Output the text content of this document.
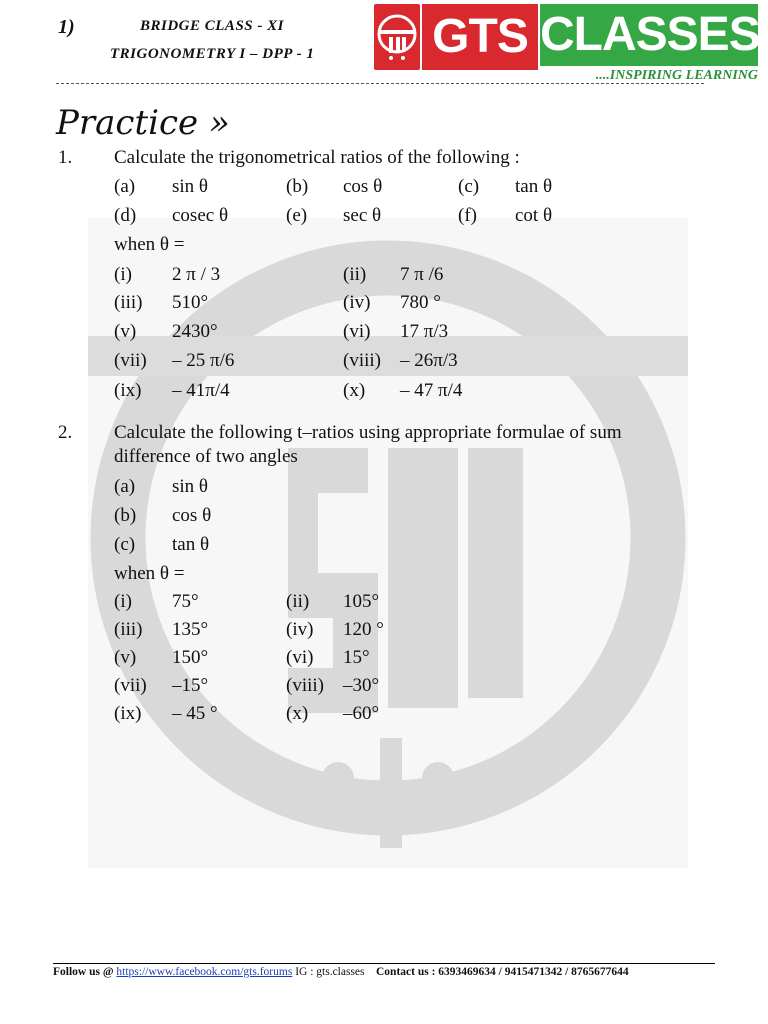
1)	BRIDGE CLASS - XI
TRIGONOMETRY I – DPP - 1 GTS CLASSES
....INSPIRING LEARNING
Practice »
1. Calculate the trigonometrical ratios of the following :
(a) sin θ	(b) cos θ	(c) tan θ
(d) cosec θ	(e) sec θ	(f) cot θ
when θ =
(i) 2 π / 3	(ii) 7 π /6
(iii) 510°	(iv) 780 °
(v) 2430°	(vi) 17 π/3
(vii) – 25 π/6	(viii) – 26π/3
(ix) – 41π/4	(x) – 47 π/4
2. Calculate the following t–ratios using appropriate formulae of sum
difference of two angles
(a) sin θ
(b) cos θ
(c) tan θ
when θ =
(i) 75°	(ii) 105°
(iii) 135°	(iv) 120 °
(v) 150°	(vi) 15°
(vii) –15°	(viii) –30°
(ix) – 45 °	(x) –60°
Follow us @ https://www.facebook.com/gts.forums IG : gts.classes Contact us : 6393469634 / 9415471342 / 8765677644
